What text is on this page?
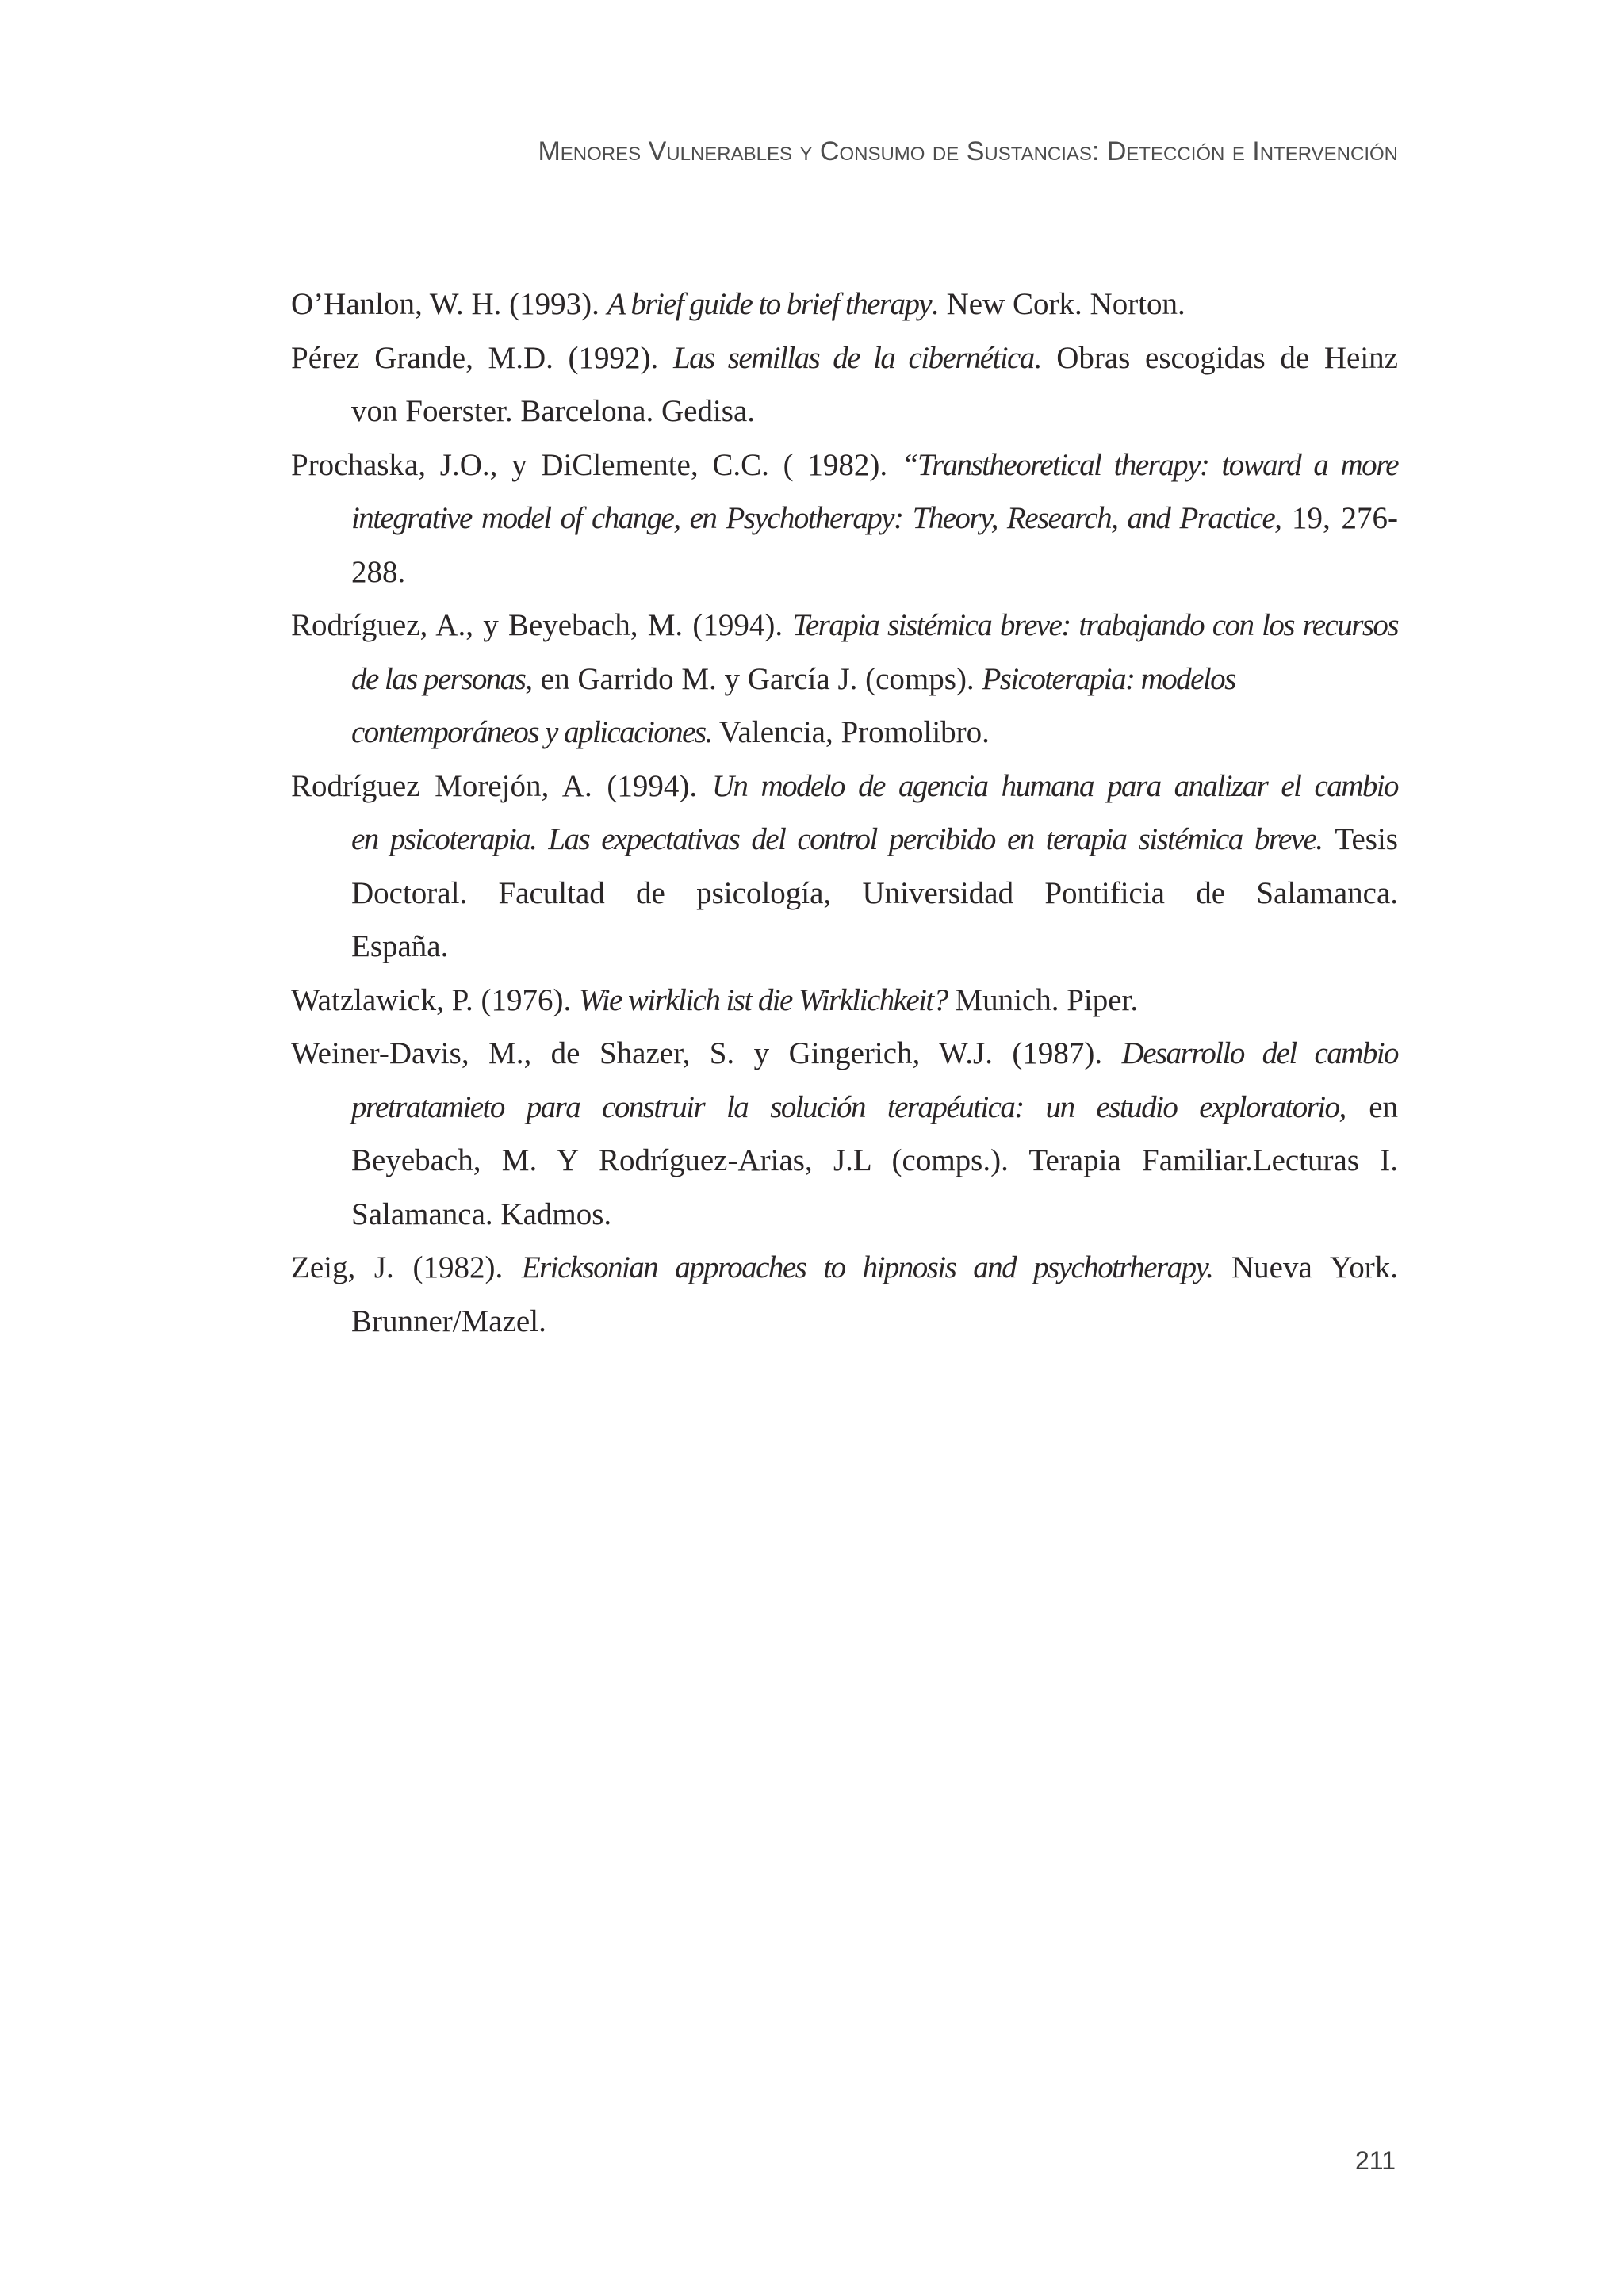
Menores Vulnerables y Consumo de Sustancias: Detección e Intervención
O’Hanlon, W. H. (1993). A brief guide to brief therapy. New Cork. Norton.
Pérez Grande, M.D. (1992). Las semillas de la cibernética. Obras escogidas de Heinz
von Foerster. Barcelona. Gedisa.
Prochaska, J.O., y DiClemente, C.C. ( 1982). “Transtheoretical therapy: toward a more
integrative model of change, en Psychotherapy: Theory, Research, and Practice, 19, 276-
288.
Rodríguez, A., y Beyebach, M. (1994). Terapia sistémica breve: trabajando con los recursos
de las personas, en Garrido M. y García J. (comps). Psicoterapia: modelos
contemporáneos y aplicaciones. Valencia, Promolibro.
Rodríguez Morejón, A. (1994). Un modelo de agencia humana para analizar el cambio
en psicoterapia. Las expectativas del control percibido en terapia sistémica breve. Tesis
Doctoral. Facultad de psicología, Universidad Pontificia de Salamanca.
España.
Watzlawick, P. (1976). Wie wirklich ist die Wirklichkeit? Munich. Piper.
Weiner-Davis, M., de Shazer, S. y Gingerich, W.J. (1987). Desarrollo del cambio
pretratamieto para construir la solución terapéutica: un estudio exploratorio, en
Beyebach, M. Y Rodríguez-Arias, J.L (comps.). Terapia Familiar.Lecturas I.
Salamanca. Kadmos.
Zeig, J. (1982). Ericksonian approaches to hipnosis and psychotrherapy. Nueva York.
Brunner/Mazel.
211
